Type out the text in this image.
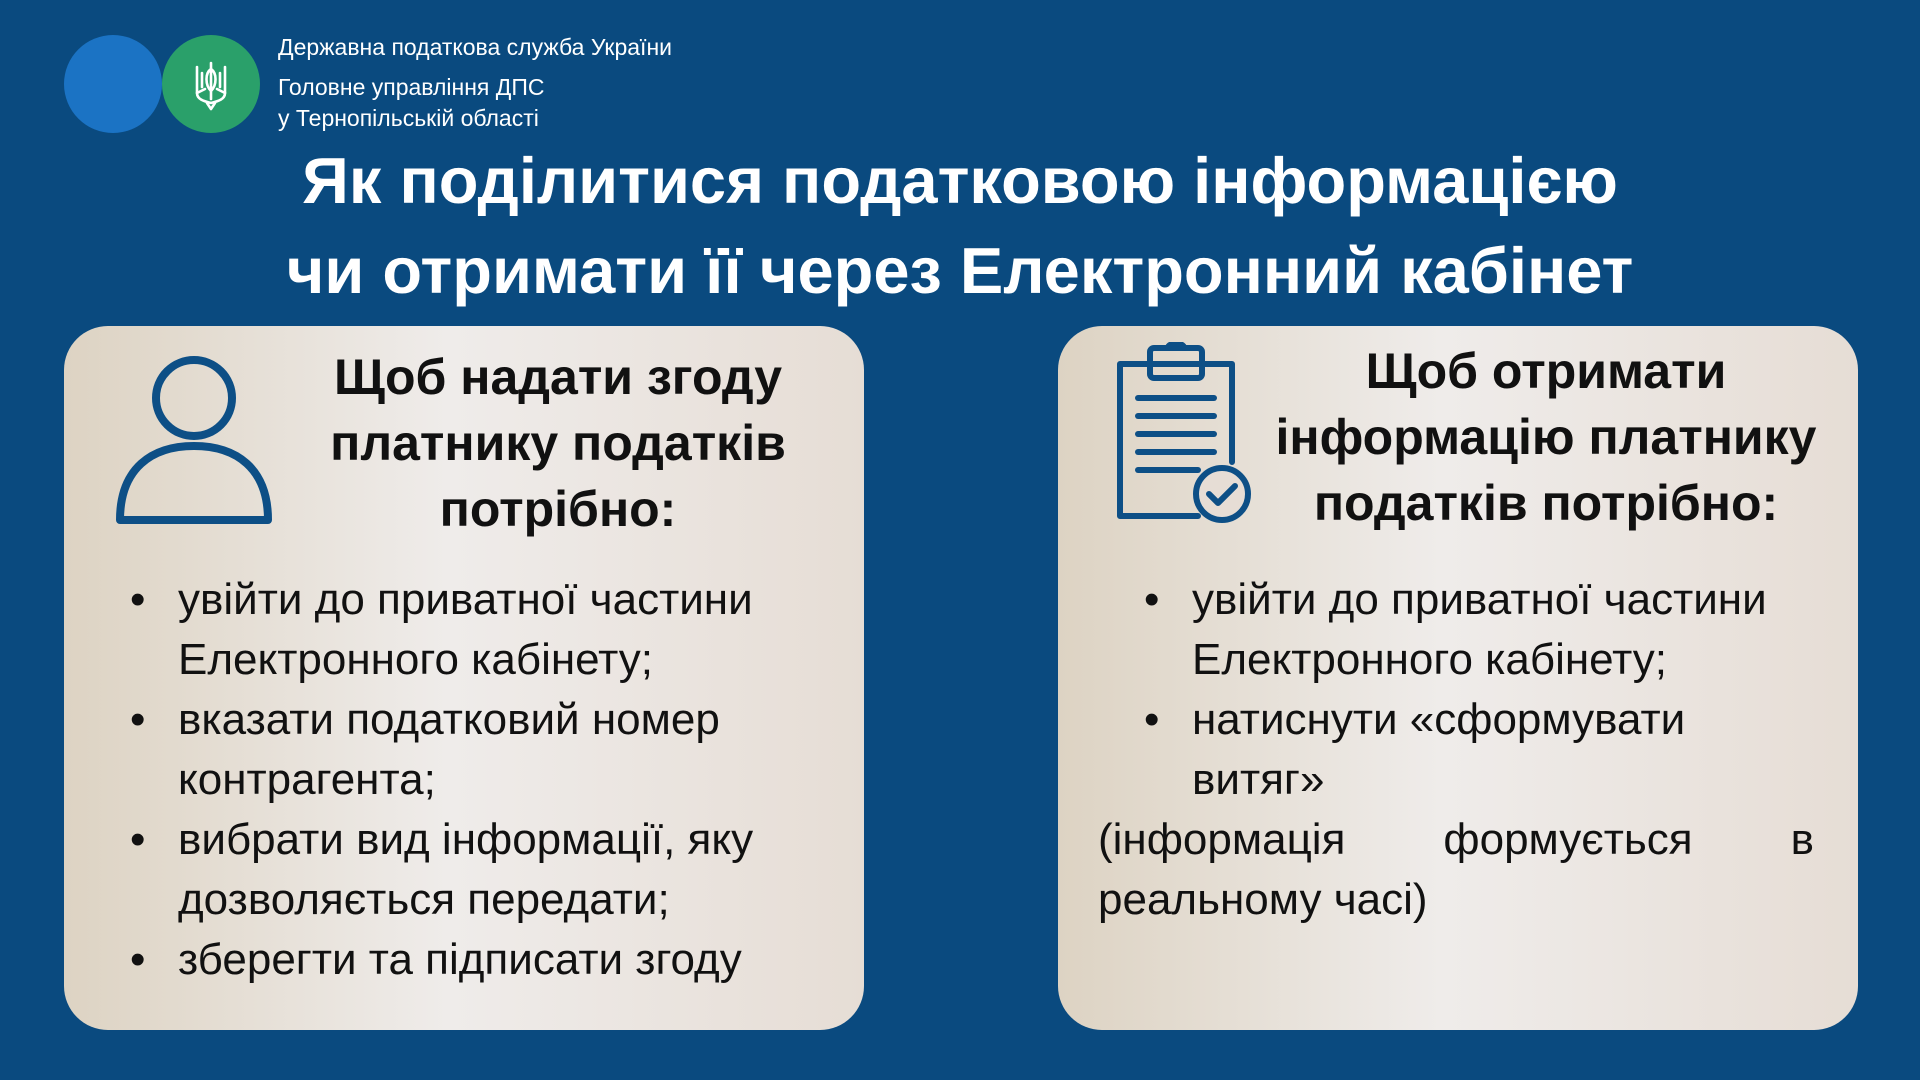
Державна податкова служба України
Головне управління ДПС
у Тернопільській області
Як поділитися податковою інформацією
чи отримати її через Електронний кабінет
Щоб надати згоду
платнику податків
потрібно:
• увійти до приватної частини
Електронного кабінету;
• вказати податковий номер
контрагента;
• вибрати вид інформації, яку
дозволяється передати;
• зберегти та підписати згоду
Щоб отримати
інформацію платнику
податків потрібно:
• увійти до приватної частини
Електронного кабінету;
• натиснути «сформувати
витяг»
(інформація формується в
реальному часі)
